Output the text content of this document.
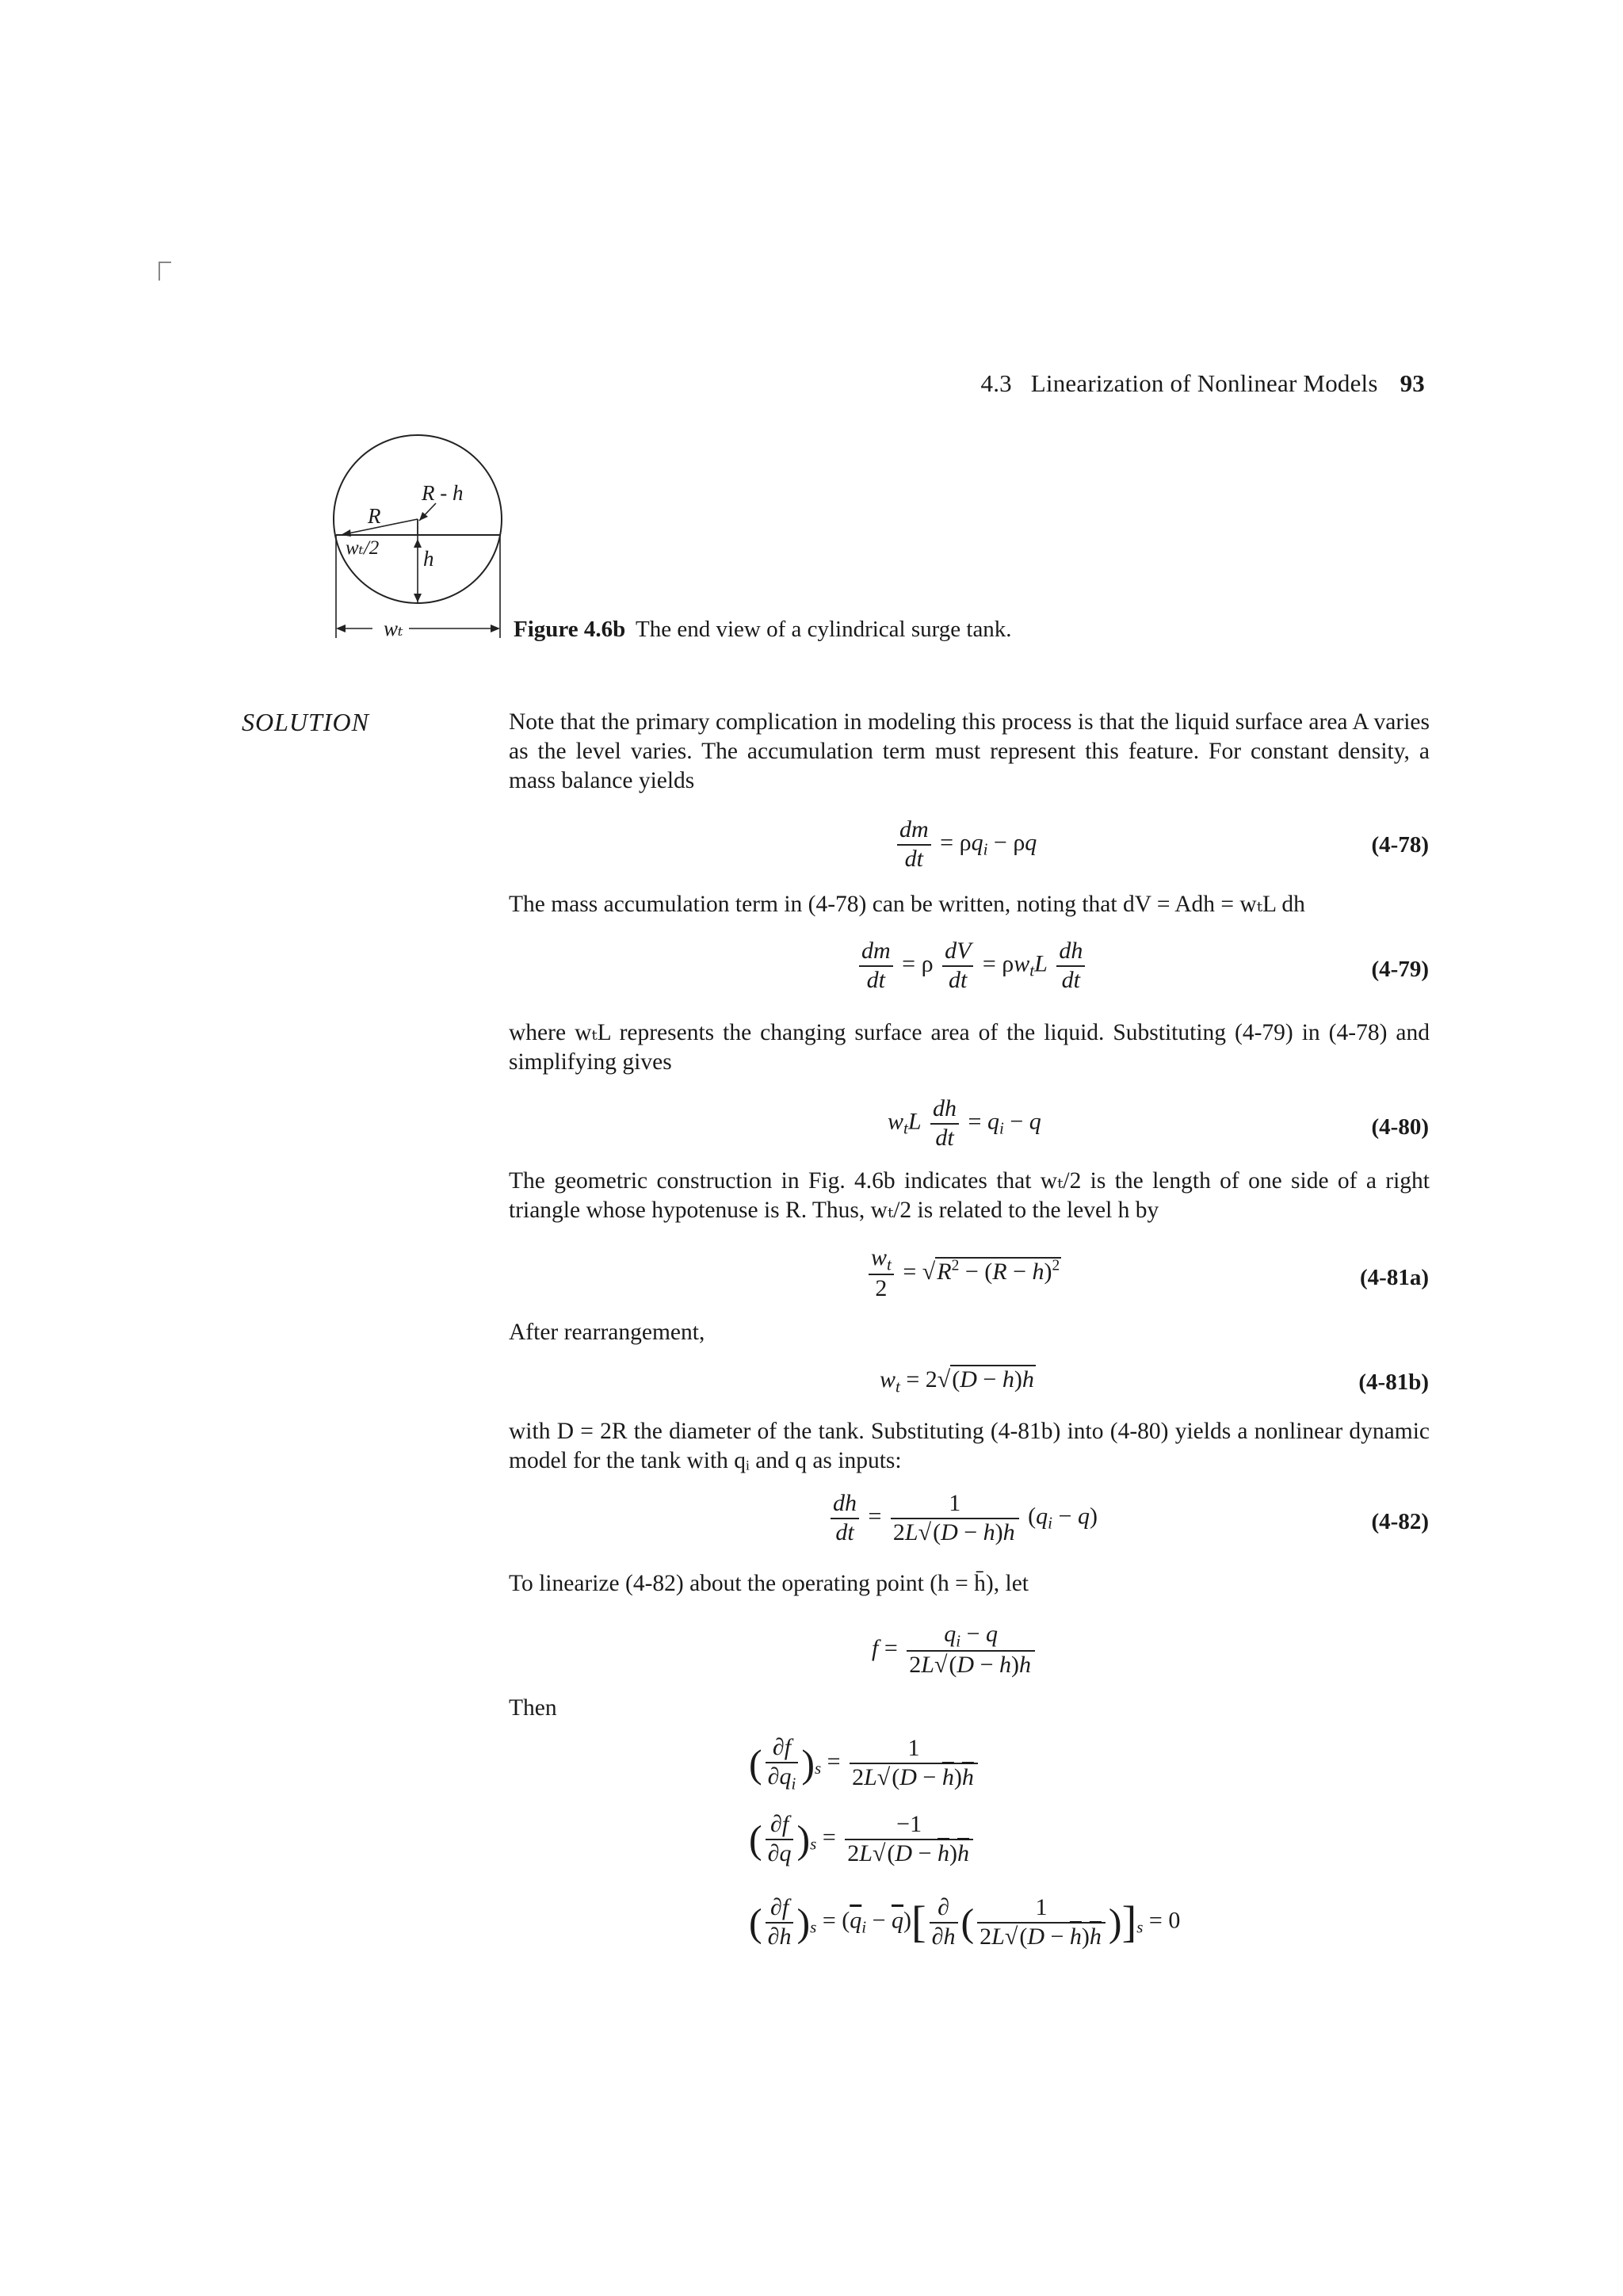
4.3 Linearization of Nonlinear Models 93
R - h
R
wₜ/2 h
wₜ	Figure 4.6b The end view of a cylindrical surge tank.
SOLUTION	Note that the primary complication in modeling this process is that the liquid surface area A varies as the level varies. The accumulation term must represent this feature. For constant density, a mass balance yields
$\frac{dm}{dt} = \rho q_i - \rho q$	(4-78)
The mass accumulation term in (4-78) can be written, noting that dV = Adh = wₜL dh
$\frac{dm}{dt} = \rho \frac{dV}{dt} = \rho w_tL \frac{dh}{dt}$	(4-79)
where wₜL represents the changing surface area of the liquid. Substituting (4-79) in (4-78) and simplifying gives
$w_tL \frac{dh}{dt} = q_i - q$	(4-80)
The geometric construction in Fig. 4.6b indicates that wₜ/2 is the length of one side of a right triangle whose hypotenuse is R. Thus, wₜ/2 is related to the level h by
$\frac{w_t}{2} = √R^2 - (R - h)^2$	(4-81a)
After rearrangement,
$w_t = 2√(D - h)h$	(4-81b)
with D = 2R the diameter of the tank. Substituting (4-81b) into (4-80) yields a nonlinear dynamic model for the tank with qᵢ and q as inputs:
$\frac{dh}{dt} = \frac{1}{2L√(D - h)h} (q_i - q)$	(4-82)
To linearize (4-82) about the operating point (h = h̄), let
$f = \frac{q_i - q}{2L√(D - h)h}$
Then
( $\frac{\partial f}{\partial q_i} )_s = \frac{1}{2L√(D - \overline{h})\overline{h}}$
( $\frac{\partial f}{\partial q} )_s = \frac{-1}{2L√(D - \overline{h})\overline{h}}$
( $\frac{\partial f}{\partial h} )_s = (\overline{q}_i - \overline{q})[ \frac{\partial}{\partial h}$ ( $\frac{1}{2L√(D - \overline{h})\overline{h}} )]_s = 0$
